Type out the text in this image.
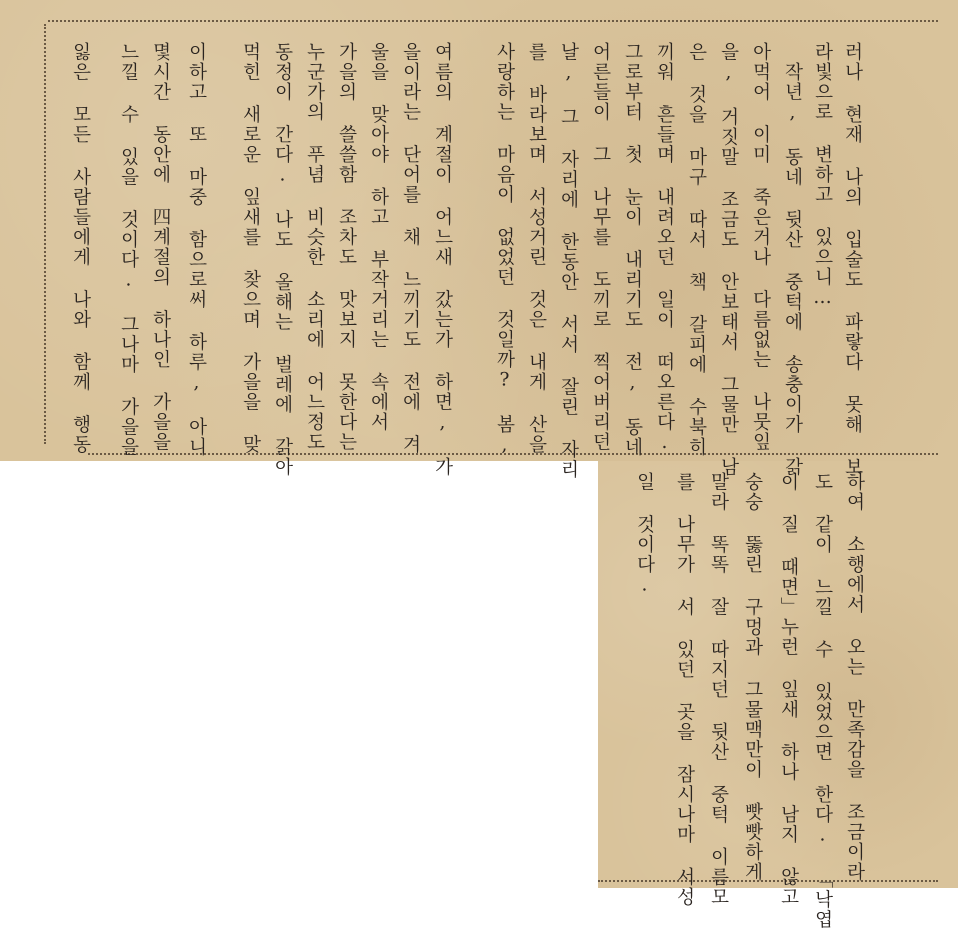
러나 현재 나의 입술도 파랗다 못해 보
라빛으로 변하고 있으니…
　작년, 동네 뒷산 중턱에 송충이가 갉
아먹어 이미 죽은거나 다름없는 나뭇잎
을, 거짓말 조금도 안보태서 그물만 남
은 것을 마구 따서 책 갈피에 수북히
끼워 흔들며 내려오던 일이 떠오른다.
그로부터 첫 눈이 내리기도 전, 동네
어른들이 그 나무를 도끼로 찍어버리던
날, 그 자리에 한동안 서서 잘린 자리
를 바라보며 서성거린 것은 내게 산을
사랑하는 마음이 없었던 것일까? 봄,
여름의 계절이 어느새 갔는가 하면, 가
을이라는 단어를 채 느끼기도 전에 겨
울을 맞아야 하고 부작거리는 속에서
가을의 쓸쓸함 조차도 맛보지 못한다는
누군가의 푸념 비슷한 소리에 어느정도
동정이 간다. 나도 올해는 벌레에 갉아
먹힌 새로운 잎새를 찾으며 가을을 맞
이하고 또 마중 함으로써 하루, 아니
몇시간 동안에 四계절의 하나인 가을을
느낄 수 있을 것이다. 그나마 가을을
잃은 모든 사람들에게 나와 함께 행동
하여 소행에서 오는 만족감을 조금이라
도 같이 느낄 수 있었으면 한다. 「낙엽
이 질 때면」누런 잎새 하나 남지 않고
숭숭 뚫린 구멍과 그물맥만이 빳빳하게
말라 똑똑 잘 따지던 뒷산 중턱 이름모
를 나무가 서 있던 곳을 잠시나마 서성
일 것이다.
